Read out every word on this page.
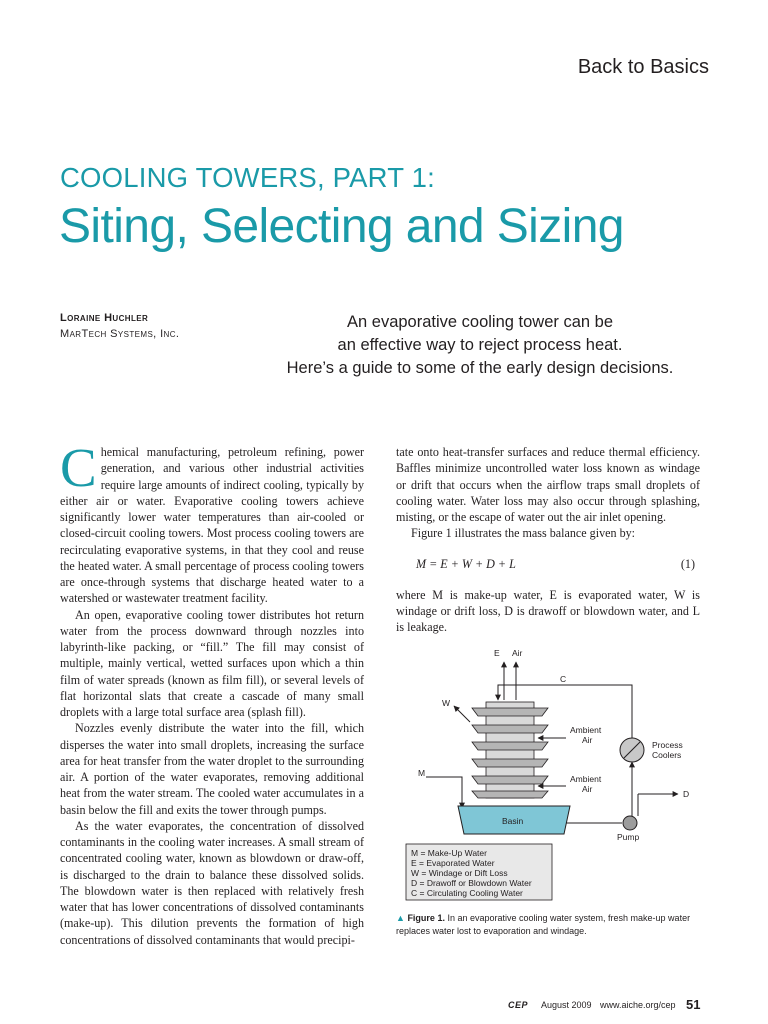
Back to Basics
COOLING TOWERS, PART 1:
Siting, Selecting and Sizing
Loraine Huchler
MarTech Systems, Inc.
An evaporative cooling tower can be
an effective way to reject process heat.
Here’s a guide to some of the early design decisions.

Chemical manufacturing, petroleum refining, power generation, and various other industrial activities require large amounts of indirect cooling, typically by either air or water. Evaporative cooling towers achieve significantly lower water temperatures than air-cooled or closed-circuit cooling towers. Most process cooling towers are recirculating evaporative systems, in that they cool and reuse the heated water. A small percentage of process cooling towers are once-through systems that discharge heated water to a watershed or wastewater treatment facility.

An open, evaporative cooling tower distributes hot return water from the process downward through nozzles into labyrinth-like packing, or “fill.” The fill may consist of multiple, mainly vertical, wetted surfaces upon which a thin film of water spreads (known as film fill), or several levels of flat horizontal slats that create a cascade of many small droplets with a large total surface area (splash fill).

Nozzles evenly distribute the water into the fill, which disperses the water into small droplets, increasing the surface area for heat transfer from the water droplet to the surrounding air. A portion of the water evaporates, removing additional heat from the water stream. The cooled water accumulates in a basin below the fill and exits the tower through pumps.

As the water evaporates, the concentration of dissolved contaminants in the cooling water increases. A small stream of concentrated cooling water, known as blowdown or draw-off, is discharged to the drain to balance these dissolved solids. The blowdown water is then replaced with relatively fresh water that has lower concentrations of dissolved contaminants (make-up). This dilution prevents the formation of high concentrations of dissolved contaminants that would precipi-

tate onto heat-transfer surfaces and reduce thermal efficiency. Baffles minimize uncontrolled water loss known as windage or drift that occurs when the airflow traps small droplets of cooling water. Water loss may also occur through splashing, misting, or the escape of water out the air inlet opening.

Figure 1 illustrates the mass balance given by:

M = E + W + D + L	(1)

where M is make-up water, E is evaporated water, W is windage or drift loss, D is drawoff or blowdown water, and L is leakage.

E Air
C
W
Ambient
Air
Ambient
Air
Process
Coolers
M
Basin
Pump
D
M = Make-Up Water
E = Evaporated Water
W = Windage or Dift Loss
D = Drawoff or Blowdown Water
C = Circulating Cooling Water
▲ Figure 1. In an evaporative cooling water system, fresh make-up water replaces water lost to evaporation and windage.
CEP August 2009 www.aiche.org/cep 51
